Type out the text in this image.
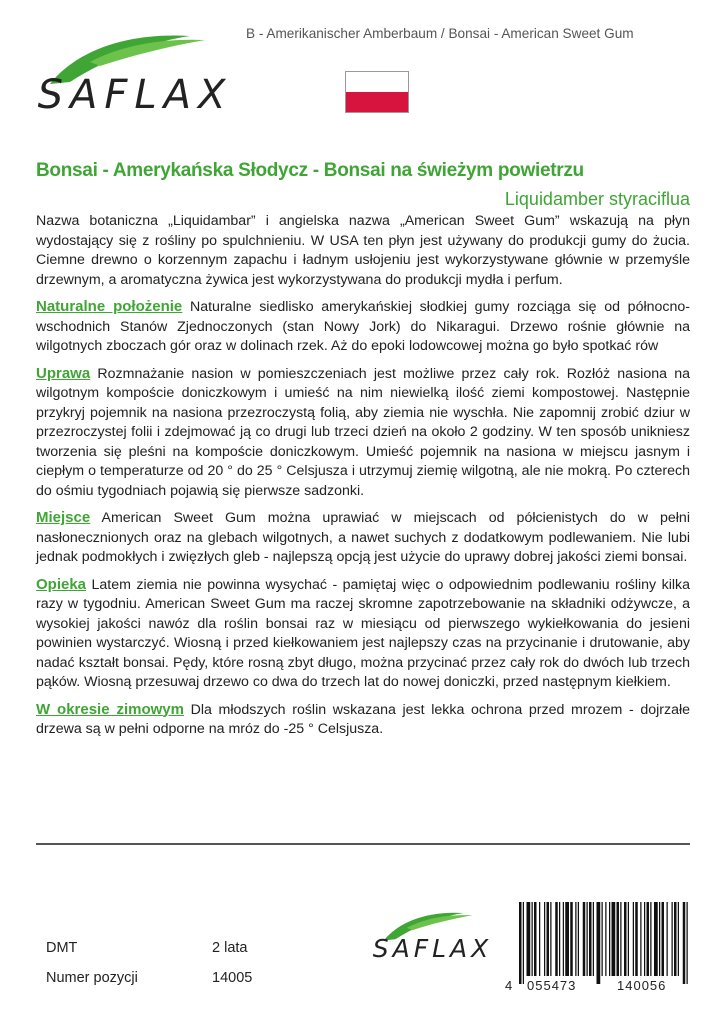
SAFLAX
B - Amerikanischer Amberbaum / Bonsai - American Sweet Gum
Bonsai - Amerykańska Słodycz - Bonsai na świeżym powietrzu
Liquidamber styraciflua

Nazwa botaniczna „Liquidambar” i angielska nazwa „American Sweet Gum” wskazują na płyn wydostający się z rośliny po spulchnieniu. W USA ten płyn jest używany do produkcji gumy do żucia. Ciemne drewno o korzennym zapachu i ładnym usłojeniu jest wykorzystywane głównie w przemyśle drzewnym, a aromatyczna żywica jest wykorzystywana do produkcji mydła i perfum.

Naturalne położenie Naturalne siedlisko amerykańskiej słodkiej gumy rozciąga się od północno-wschodnich Stanów Zjednoczonych (stan Nowy Jork) do Nikaragui. Drzewo rośnie głównie na wilgotnych zboczach gór oraz w dolinach rzek. Aż do epoki lodowcowej można go było spotkać rów

Uprawa Rozmnażanie nasion w pomieszczeniach jest możliwe przez cały rok. Rozłóż nasiona na wilgotnym kompoście doniczkowym i umieść na nim niewielką ilość ziemi kompostowej. Następnie przykryj pojemnik na nasiona przezroczystą folią, aby ziemia nie wyschła. Nie zapomnij zrobić dziur w przezroczystej folii i zdejmować ją co drugi lub trzeci dzień na około 2 godziny. W ten sposób unikniesz tworzenia się pleśni na kompoście doniczkowym. Umieść pojemnik na nasiona w miejscu jasnym i ciepłym o temperaturze od 20 ° do 25 ° Celsjusza i utrzymuj ziemię wilgotną, ale nie mokrą. Po czterech do ośmiu tygodniach pojawią się pierwsze sadzonki.

Miejsce American Sweet Gum można uprawiać w miejscach od półcienistych do w pełni nasłonecznionych oraz na glebach wilgotnych, a nawet suchych z dodatkowym podlewaniem. Nie lubi jednak podmokłych i zwięzłych gleb - najlepszą opcją jest użycie do uprawy dobrej jakości ziemi bonsai.

Opieka Latem ziemia nie powinna wysychać - pamiętaj więc o odpowiednim podlewaniu rośliny kilka razy w tygodniu. American Sweet Gum ma raczej skromne zapotrzebowanie na składniki odżywcze, a wysokiej jakości nawóz dla roślin bonsai raz w miesiącu od pierwszego wykiełkowania do jesieni powinien wystarczyć. Wiosną i przed kiełkowaniem jest najlepszy czas na przycinanie i drutowanie, aby nadać kształt bonsai. Pędy, które rosną zbyt długo, można przycinać przez cały rok do dwóch lub trzech pąków. Wiosną przesuwaj drzewo co dwa do trzech lat do nowej doniczki, przed następnym kiełkiem.

W okresie zimowym Dla młodszych roślin wskazana jest lekka ochrona przed mrozem - dojrzałe drzewa są w pełni odporne na mróz do -25 ° Celsjusza.

DMT	2 lata
Numer pozycji	14005
SAFLAX
4 055473	140056
